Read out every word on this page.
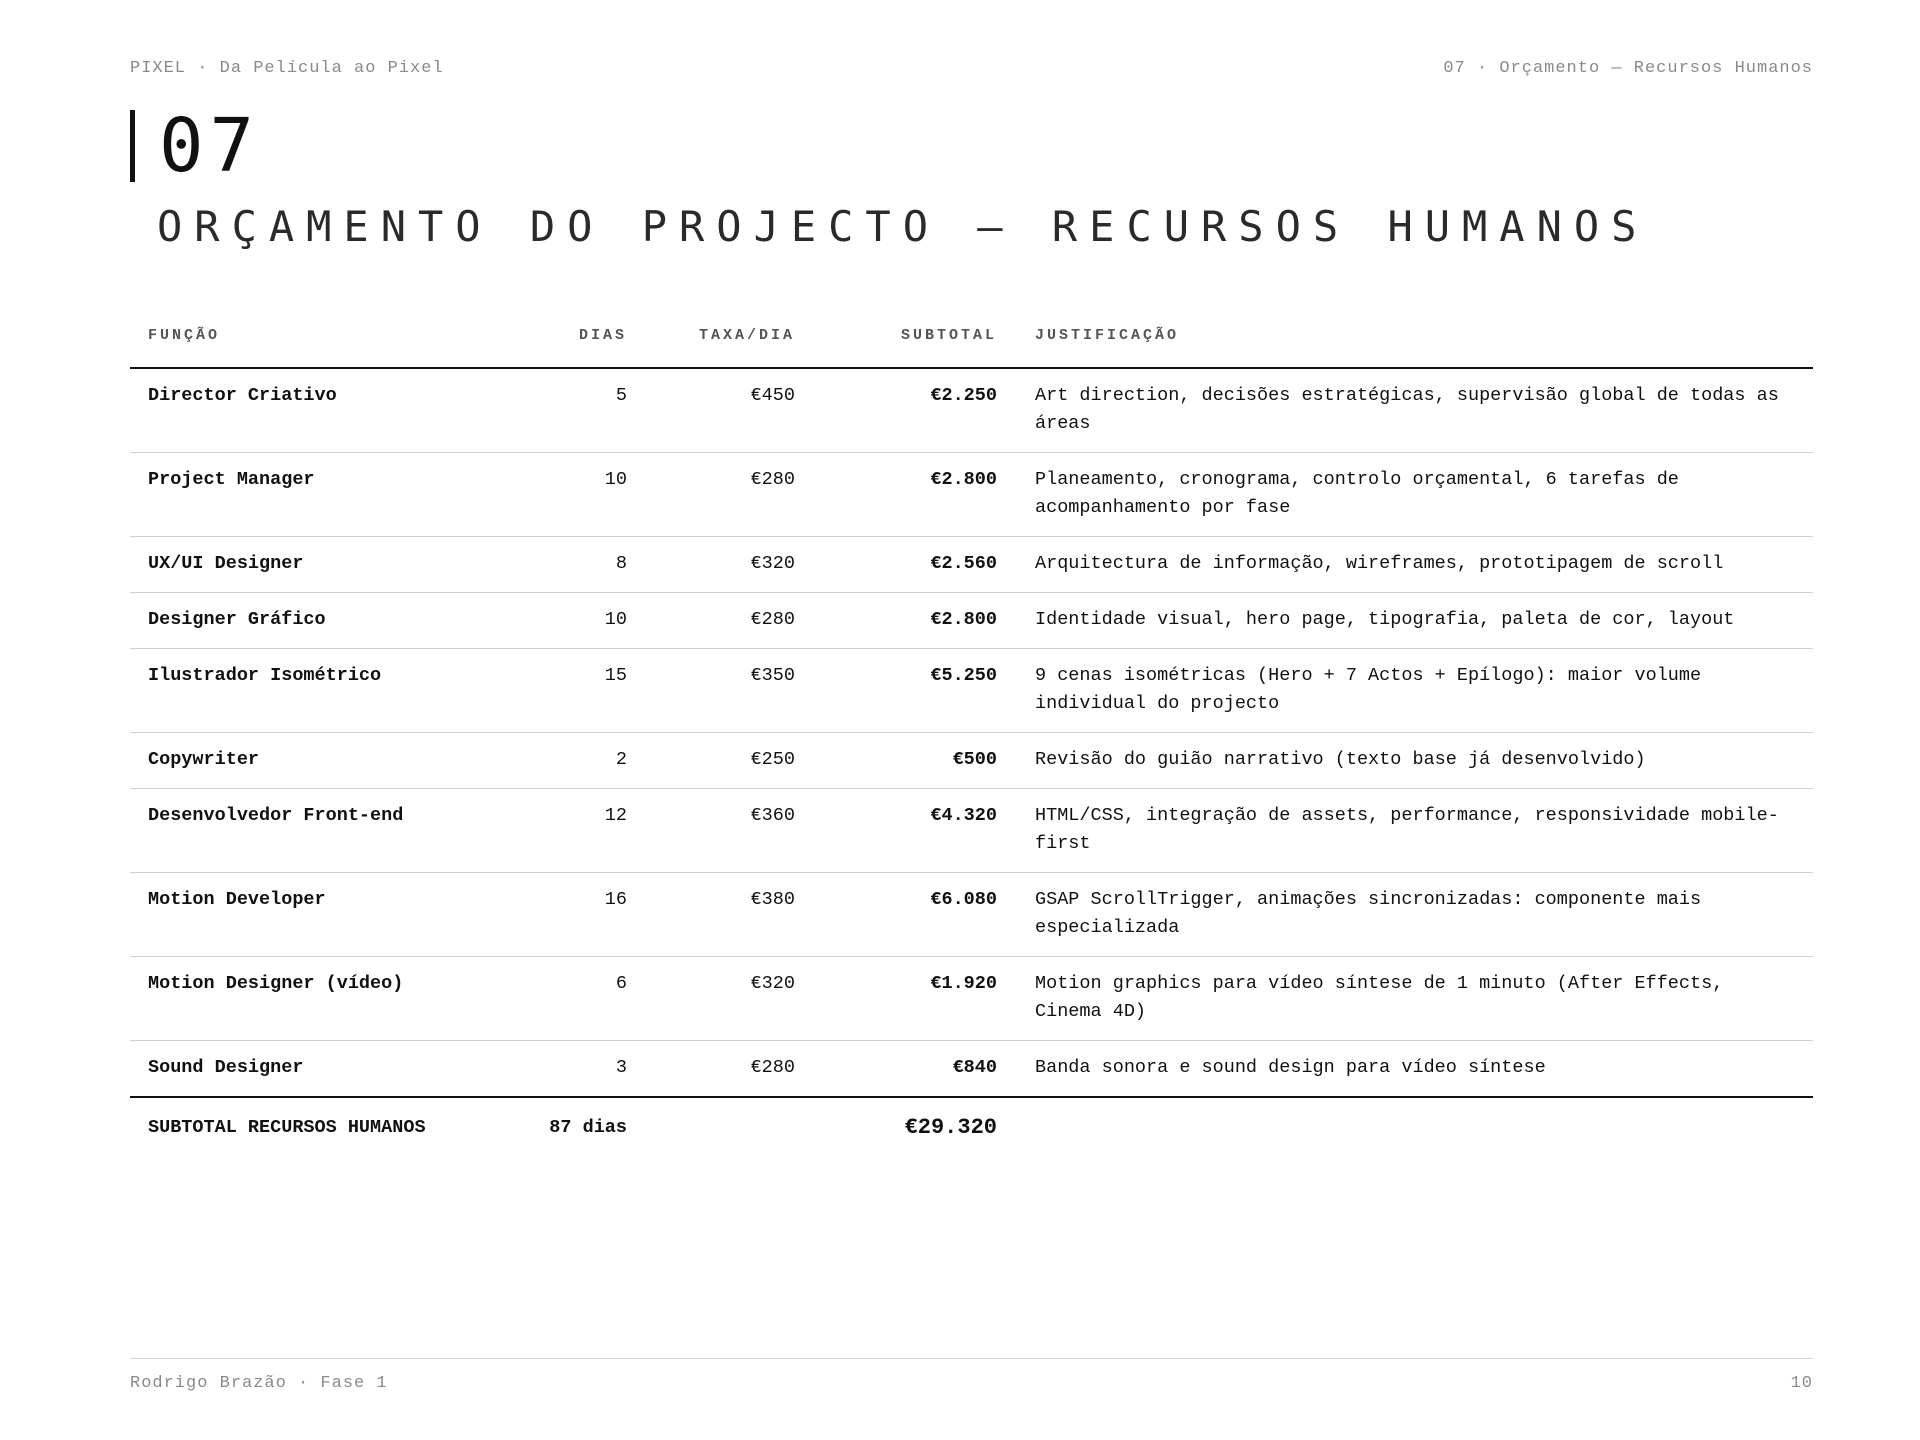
PIXEL · Da Película ao Pixel	07 · Orçamento — Recursos Humanos
07
ORÇAMENTO DO PROJECTO — RECURSOS HUMANOS
FUNÇÃO	DIAS	TAXA/DIA	SUBTOTAL	JUSTIFICAÇÃO
Director Criativo	5	€450	€2.250	Art direction, decisões estratégicas, supervisão global de todas as áreas
Project Manager	10	€280	€2.800	Planeamento, cronograma, controlo orçamental, 6 tarefas de acompanhamento por fase
UX/UI Designer	8	€320	€2.560	Arquitectura de informação, wireframes, prototipagem de scroll
Designer Gráfico	10	€280	€2.800	Identidade visual, hero page, tipografia, paleta de cor, layout
Ilustrador Isométrico	15	€350	€5.250	9 cenas isométricas (Hero + 7 Actos + Epílogo): maior volume individual do projecto
Copywriter	2	€250	€500	Revisão do guião narrativo (texto base já desenvolvido)
Desenvolvedor Front-end	12	€360	€4.320	HTML/CSS, integração de assets, performance, responsividade mobile-first
Motion Developer	16	€380	€6.080	GSAP ScrollTrigger, animações sincronizadas: componente mais especializada
Motion Designer (vídeo)	6	€320	€1.920	Motion graphics para vídeo síntese de 1 minuto (After Effects, Cinema 4D)
Sound Designer	3	€280	€840	Banda sonora e sound design para vídeo síntese
SUBTOTAL RECURSOS HUMANOS	87 dias		€29.320	
Rodrigo Brazão · Fase 1	10
